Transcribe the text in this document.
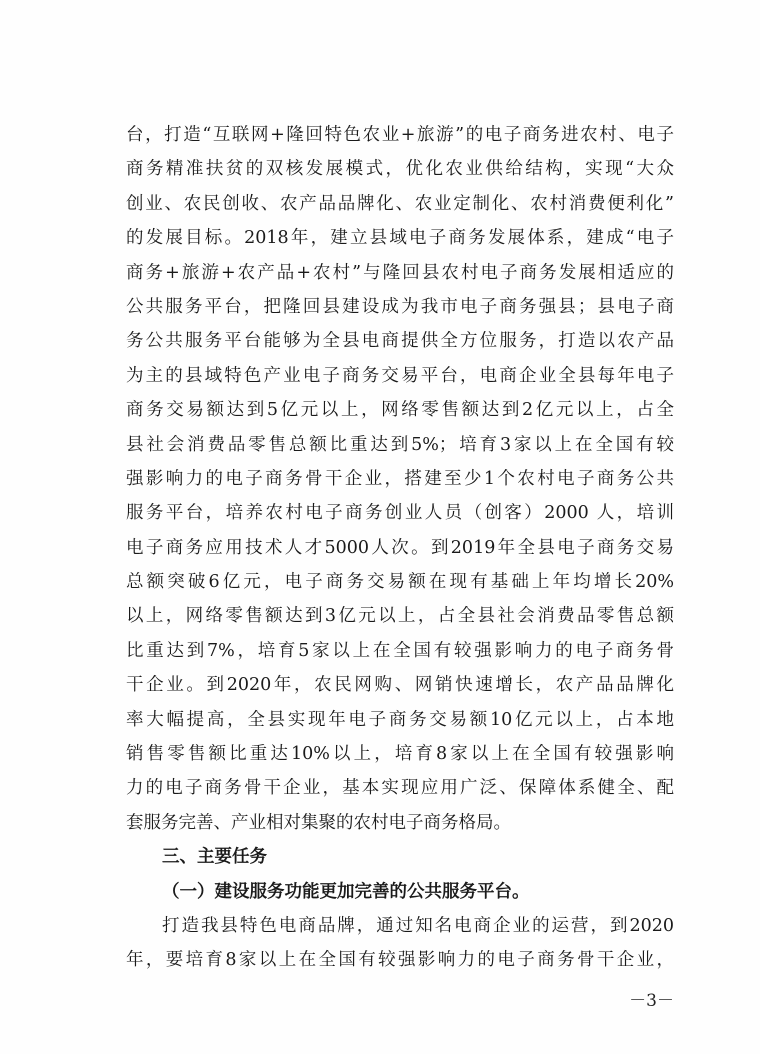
台，打造“互联网+隆回特色农业+旅游”的电子商务进农村、电子
商务精准扶贫的双核发展模式，优化农业供给结构，实现“大众
创业、农民创收、农产品品牌化、农业定制化、农村消费便利化”
的发展目标。2018年，建立县域电子商务发展体系，建成“电子
商务+旅游+农产品+农村”与隆回县农村电子商务发展相适应的
公共服务平台，把隆回县建设成为我市电子商务强县；县电子商
务公共服务平台能够为全县电商提供全方位服务，打造以农产品
为主的县域特色产业电子商务交易平台，电商企业全县每年电子
商务交易额达到5亿元以上，网络零售额达到2亿元以上，占全
县社会消费品零售总额比重达到5%；培育3家以上在全国有较
强影响力的电子商务骨干企业，搭建至少1个农村电子商务公共
服务平台，培养农村电子商务创业人员（创客）2000 人，培训
电子商务应用技术人才5000人次。到2019年全县电子商务交易
总额突破6亿元，电子商务交易额在现有基础上年均增长20%
以上，网络零售额达到3亿元以上，占全县社会消费品零售总额
比重达到7%，培育5家以上在全国有较强影响力的电子商务骨
干企业。到2020年，农民网购、网销快速增长，农产品品牌化
率大幅提高，全县实现年电子商务交易额10亿元以上，占本地
销售零售额比重达10%以上，培育8家以上在全国有较强影响
力的电子商务骨干企业，基本实现应用广泛、保障体系健全、配
套服务完善、产业相对集聚的农村电子商务格局。
三、主要任务
（一）建设服务功能更加完善的公共服务平台。
打造我县特色电商品牌，通过知名电商企业的运营，到2020
年，要培育8家以上在全国有较强影响力的电子商务骨干企业，
－3－
